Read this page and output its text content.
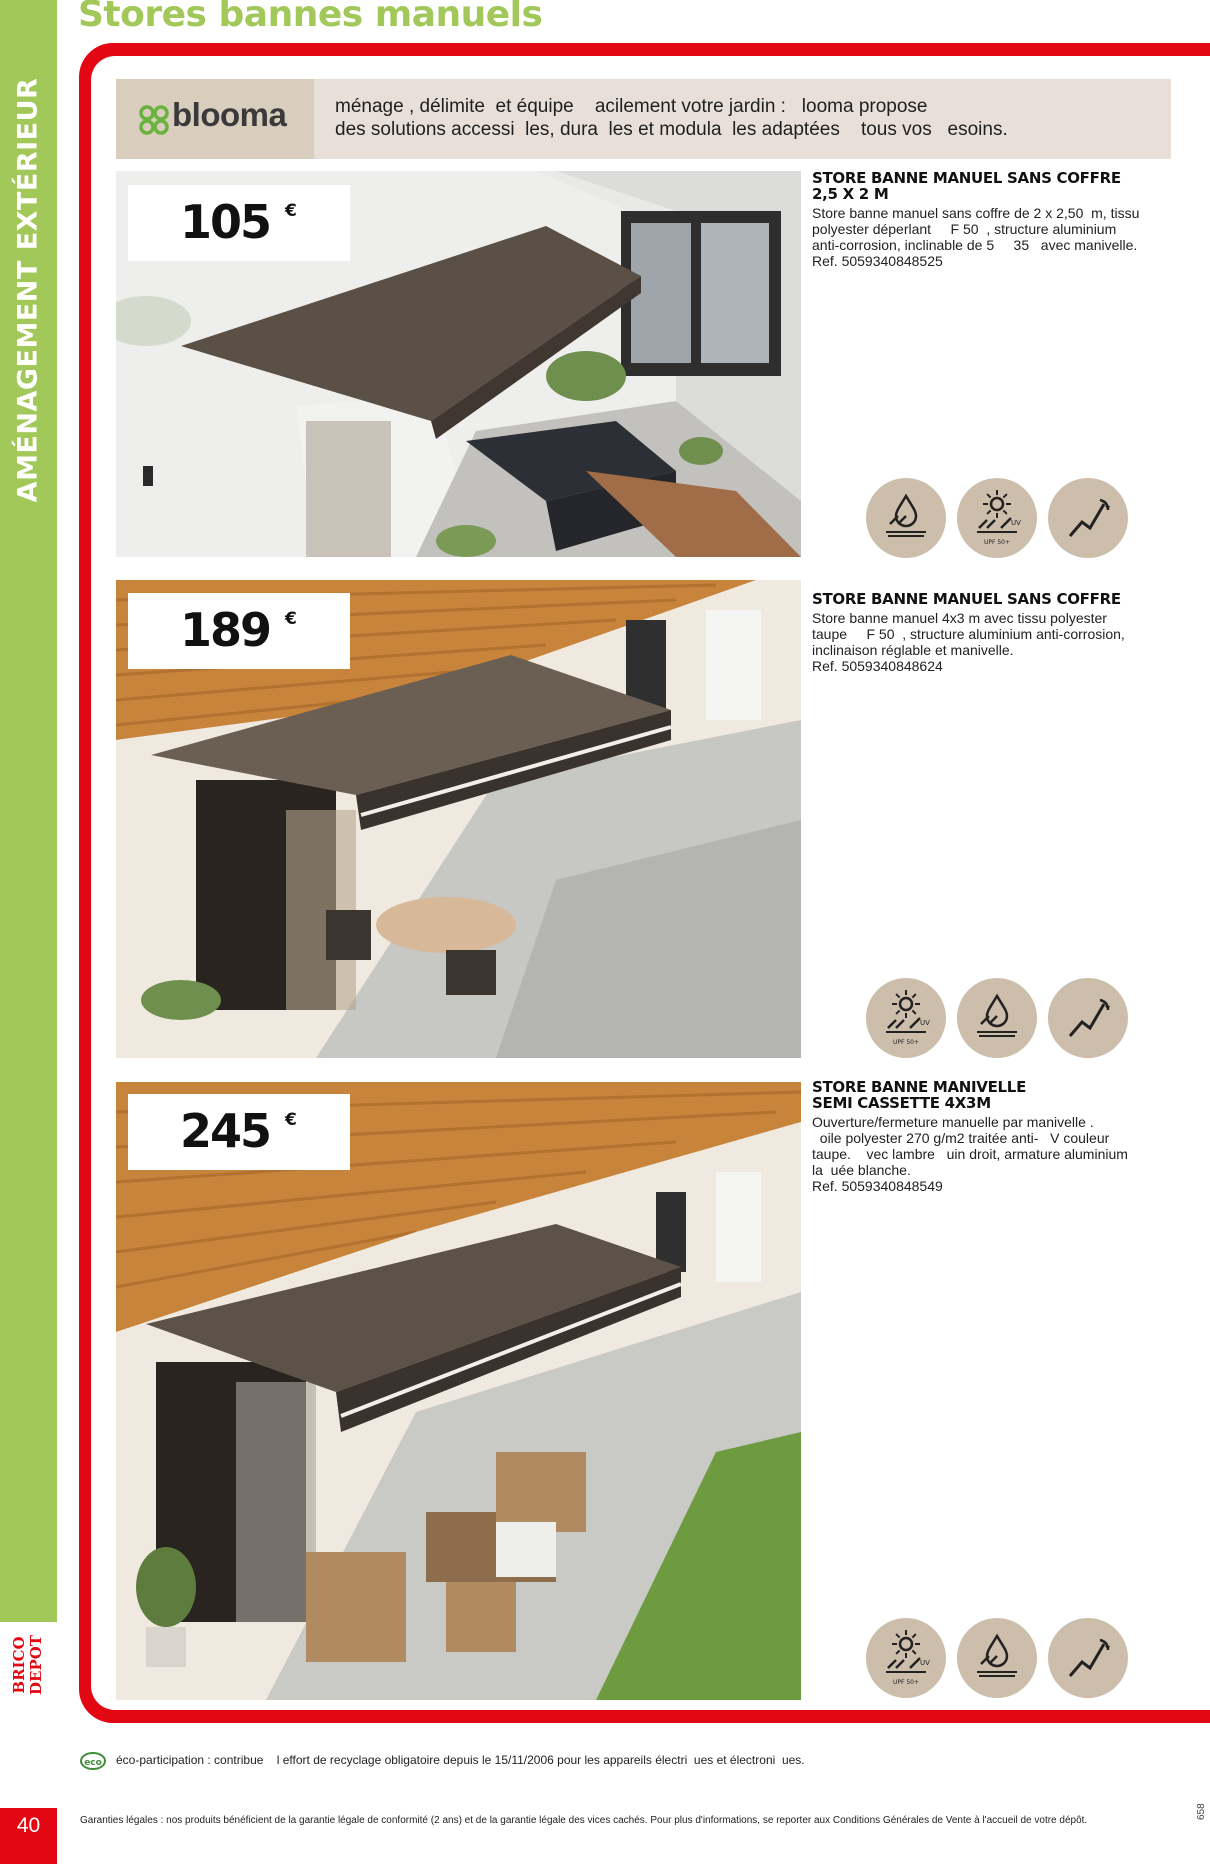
AMÉNAGEMENT EXTÉRIEUR
BRICO
DEPOT
40
Stores bannes manuels
blooma	ménage , délimite  et équipe    acilement votre jardin :   looma propose
des solutions accessi  les, dura  les et modula  les adaptées    tous vos   esoins.
105 €
STORE BANNE MANUEL SANS COFFRE
2,5 X 2 M
Store banne manuel sans coffre de 2 x 2,50  m, tissu
polyester déperlant     F 50  , structure aluminium
anti-corrosion, inclinable de 5     35   avec manivelle.
Ref. 5059340848525
189 €
STORE BANNE MANUEL SANS COFFRE
Store banne manuel 4x3 m avec tissu polyester
taupe     F 50  , structure aluminium anti-corrosion,
inclinaison réglable et manivelle.
Ref. 5059340848624
245 €
STORE BANNE MANIVELLE
SEMI CASSETTE 4X3M
Ouverture/fermeture manuelle par manivelle .
oile polyester 270 g/m2 traitée anti-   V couleur
taupe.    vec lambre   uin droit, armature aluminium
la  uée blanche.
Ref. 5059340848549
UV
UPF 50+
UV
UPF 50+
UV
UPF 50+
eco éco-participation : contribue    l effort de recyclage obligatoire depuis le 15/11/2006 pour les appareils électri  ues et électroni  ues.
Garanties légales : nos produits bénéficient de la garantie légale de conformité (2 ans) et de la garantie légale des vices cachés. Pour plus d'informations, se reporter aux Conditions Générales de Vente à l'accueil de votre dépôt.
658
